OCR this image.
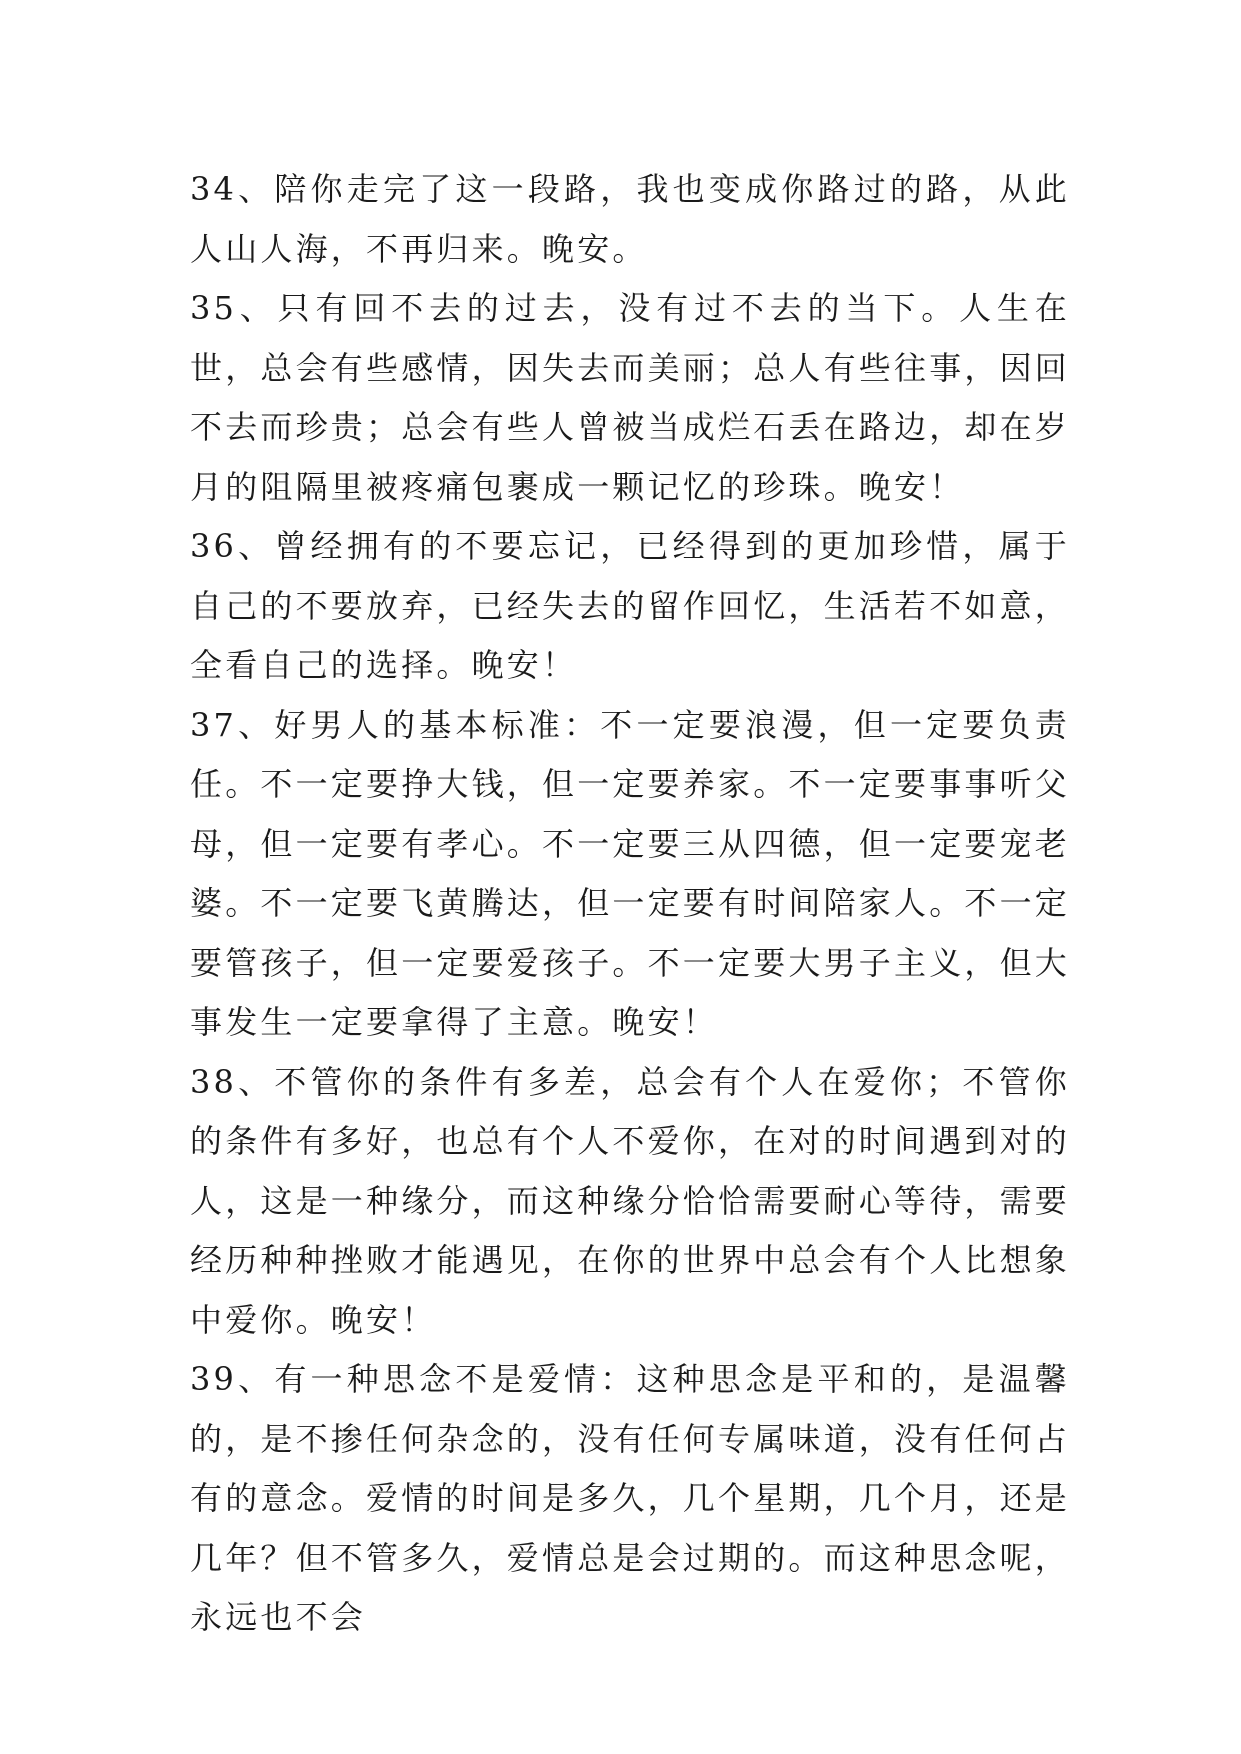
34、陪你走完了这一段路，我也变成你路过的路，从此人山人海，不再归来。晚安。

35、只有回不去的过去，没有过不去的当下。人生在世，总会有些感情，因失去而美丽；总人有些往事，因回不去而珍贵；总会有些人曾被当成烂石丢在路边，却在岁月的阻隔里被疼痛包裹成一颗记忆的珍珠。晚安！

36、曾经拥有的不要忘记，已经得到的更加珍惜，属于自己的不要放弃，已经失去的留作回忆，生活若不如意，全看自己的选择。晚安！

37、好男人的基本标准：不一定要浪漫，但一定要负责任。不一定要挣大钱，但一定要养家。不一定要事事听父母，但一定要有孝心。不一定要三从四德，但一定要宠老婆。不一定要飞黄腾达，但一定要有时间陪家人。不一定要管孩子，但一定要爱孩子。不一定要大男子主义，但大事发生一定要拿得了主意。晚安！

38、不管你的条件有多差，总会有个人在爱你；不管你的条件有多好，也总有个人不爱你，在对的时间遇到对的人，这是一种缘分，而这种缘分恰恰需要耐心等待，需要经历种种挫败才能遇见，在你的世界中总会有个人比想象中爱你。晚安！

39、有一种思念不是爱情：这种思念是平和的，是温馨的，是不掺任何杂念的，没有任何专属味道，没有任何占有的意念。爱情的时间是多久，几个星期，几个月，还是几年？但不管多久，爱情总是会过期的。而这种思念呢，永远也不会
